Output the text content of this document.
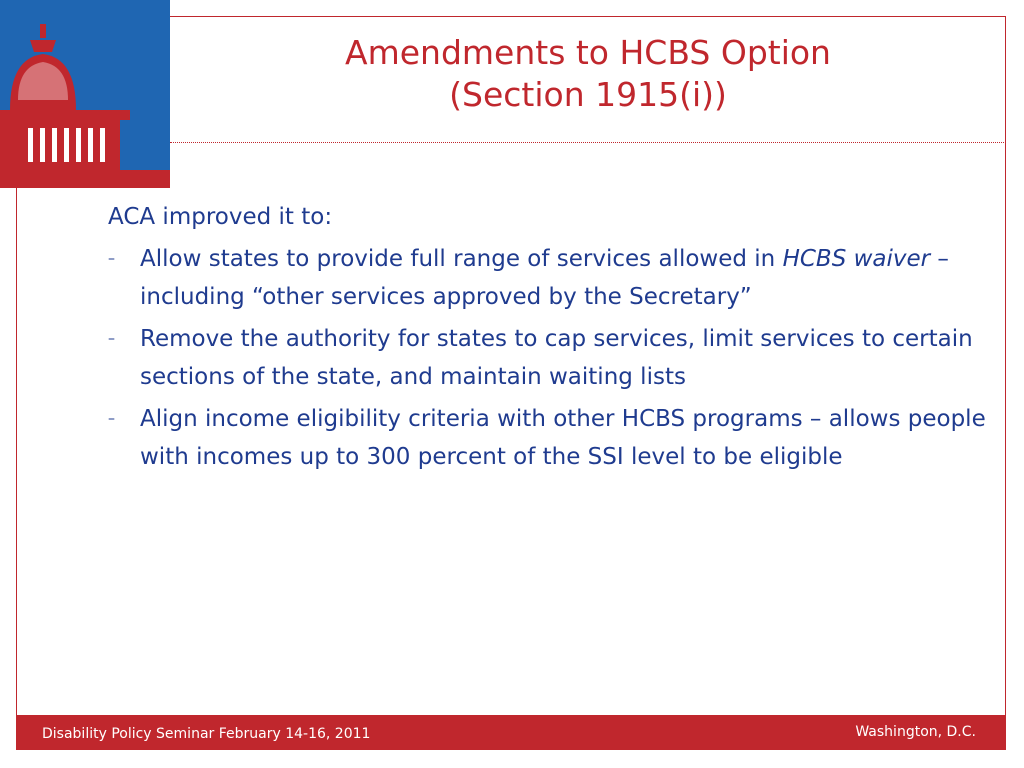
Amendments to HCBS Option
(Section 1915(i))
ACA improved it to:
– Allow states to provide full range of services allowed in HCBS waiver –including “other services approved by the Secretary”
– Remove the authority for states to cap services, limit services to certain sections of the state, and maintain waiting lists
– Align income eligibility criteria with other HCBS programs – allows people with incomes up to 300 percent of the SSI level to be eligible
Disability Policy Seminar February 14-16, 2011	Washington, D.C.
